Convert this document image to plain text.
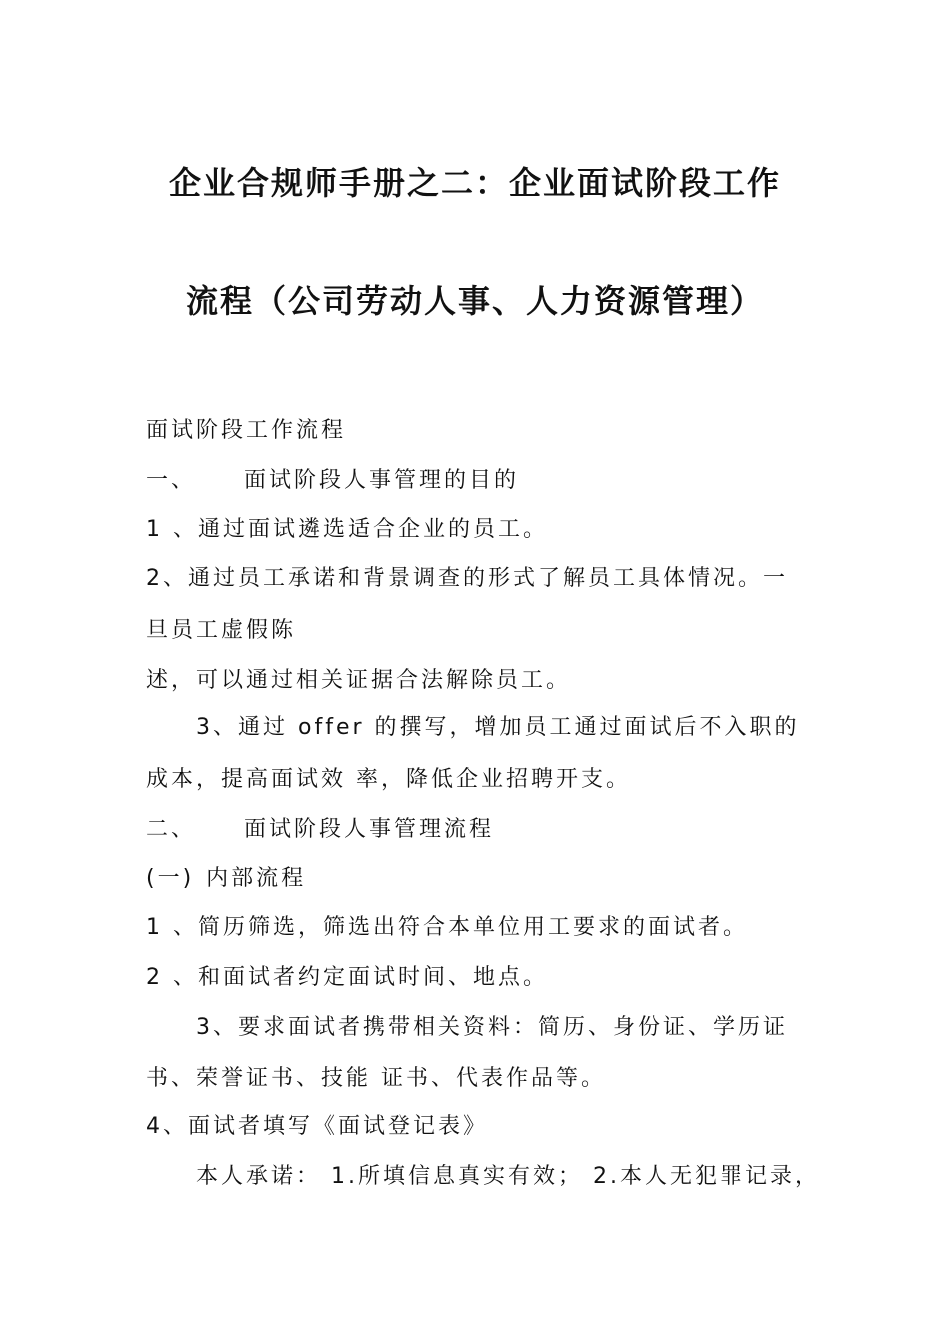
企业合规师手册之二：企业面试阶段工作
流程（公司劳动人事、人力资源管理）
面试阶段工作流程
一、 面试阶段人事管理的目的
1 、通过面试遴选适合企业的员工。
2、通过员工承诺和背景调查的形式了解员工具体情况。一
旦员工虚假陈
述，可以通过相关证据合法解除员工。
3、通过 offer 的撰写，增加员工通过面试后不入职的
成本，提高面试效 率，降低企业招聘开支。
二、 面试阶段人事管理流程
(一) 内部流程
1 、简历筛选，筛选出符合本单位用工要求的面试者。
2 、和面试者约定面试时间、地点。
3、要求面试者携带相关资料：简历、身份证、学历证
书、荣誉证书、技能 证书、代表作品等。
4、面试者填写《面试登记表》
本人承诺： 1.所填信息真实有效； 2.本人无犯罪记录，
